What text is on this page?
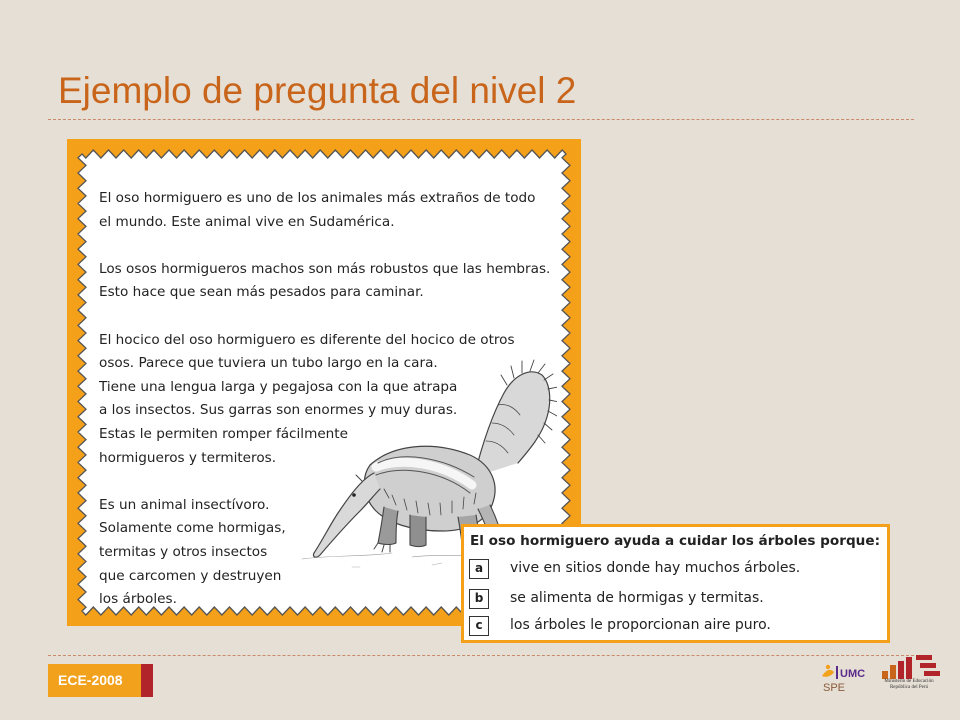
Ejemplo de pregunta del nivel 2

El oso hormiguero es uno de los animales más extraños de todo
el mundo. Este animal vive en Sudamérica.

Los osos hormigueros machos son más robustos que las hembras.
Esto hace que sean más pesados para caminar.

El hocico del oso hormiguero es diferente del hocico de otros
osos. Parece que tuviera un tubo largo en la cara.
Tiene una lengua larga y pegajosa con la que atrapa
a los insectos. Sus garras son enormes y muy duras.
Estas le permiten romper fácilmente
hormigueros y termiteros.

Es un animal insectívoro.
Solamente come hormigas,
termitas y otros insectos
que carcomen y destruyen
los árboles.

El oso hormiguero ayuda a cuidar los árboles porque:
a	vive en sitios donde hay muchos árboles.
b	se alimenta de hormigas y termitas.
c	los árboles le proporcionan aire puro.
ECE-2008	UMC
SPE
Ministerio de Educación
República del Perú
